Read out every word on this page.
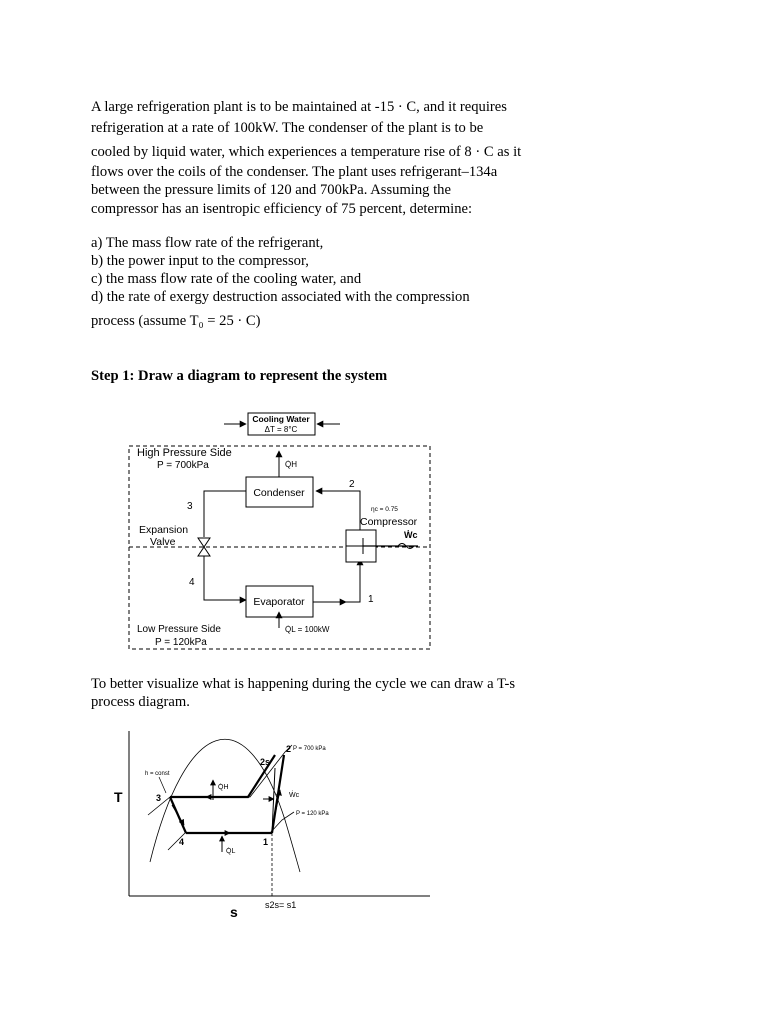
A large refrigeration plant is to be maintained at -15 · C, and it requires
refrigeration at a rate of 100kW. The condenser of the plant is to be
cooled by liquid water, which experiences a temperature rise of 8 · C as it
flows over the coils of the condenser. The plant uses refrigerant–134a
between the pressure limits of 120 and 700kPa. Assuming the
compressor has an isentropic efficiency of 75 percent, determine:
a) The mass flow rate of the refrigerant,
b) the power input to the compressor,
c) the mass flow rate of the cooling water, and
d) the rate of exergy destruction associated with the compression
process (assume T₀ = 25 · C)
Step 1: Draw a diagram to represent the system
Cooling Water
ΔT = 8°C
High Pressure Side
P = 700kPa	Q̇H
Condenser
2
3
Expansion
Valve
4
Evaporator	1
Q̇L = 100kW
ηc = 0.75
Compressor
Ẇc
Low Pressure Side
P = 120kPa
To better visualize what is happening during the cycle we can draw a T-s
process diagram.
T
s
Q̇H
Q̇L
Ẇc
2
2s
3
4	1
P = 700 kPa
P = 120 kPa
h = const
s2s= s1
